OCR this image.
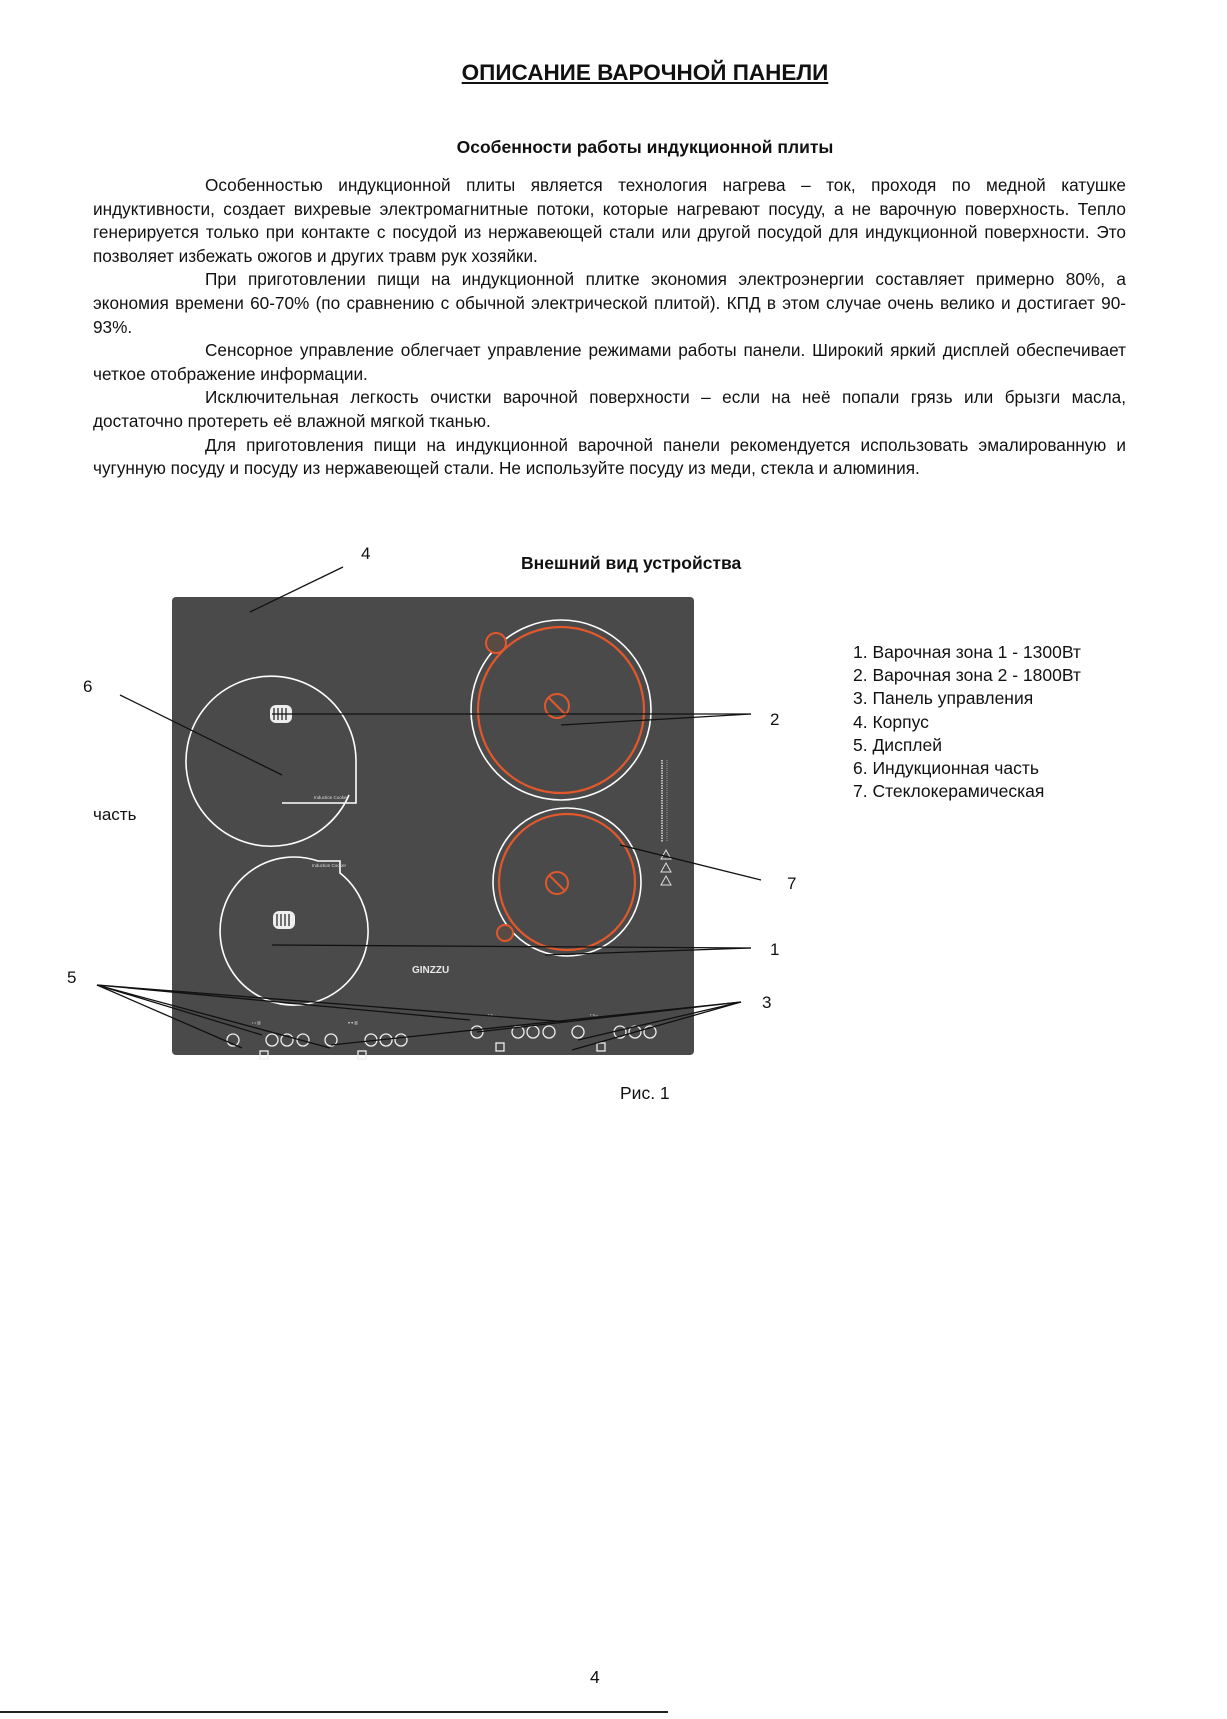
ОПИСАНИЕ ВАРОЧНОЙ ПАНЕЛИ
Особенности работы индукционной плиты

Особенностью индукционной плиты является технология нагрева – ток, проходя по медной катушке индуктивности, создает вихревые электромагнитные потоки, которые нагревают посуду, а не варочную поверхность. Тепло генерируется только при контакте с посудой из нержавеющей стали или другой посудой для индукционной поверхности. Это позволяет избежать ожогов и других травм рук хозяйки.

При приготовлении пищи на индукционной плитке экономия электроэнергии составляет примерно 80%, а экономия времени 60-70% (по сравнению с обычной электрической плитой). КПД в этом случае очень велико и достигает 90-93%.

Сенсорное управление облегчает управление режимами работы панели. Широкий яркий дисплей обеспечивает четкое отображение информации.

Исключительная легкость очистки варочной поверхности – если на неё попали грязь или брызги масла, достаточно протереть её влажной мягкой тканью.

Для приготовления пищи на индукционной варочной панели рекомендуется использовать эмалированную и чугунную посуду и посуду из нержавеющей стали. Не используйте посуду из меди, стекла и алюминия.

Внешний вид устройства
Induction Cooker
Induction Cooker
GINZZU
• • ▥	▾ ▾ ▥
ᵀ ᴺ ⌐	ᵀ ᴺ ⌐
4
6
2
7
1
5
3
1. Варочная зона 1 - 1300Вт
2. Варочная зона 2 - 1800Вт
3. Панель управления
4. Корпус
5. Дисплей
6. Индукционная часть
7. Стеклокерамическая
часть
Рис. 1
4
